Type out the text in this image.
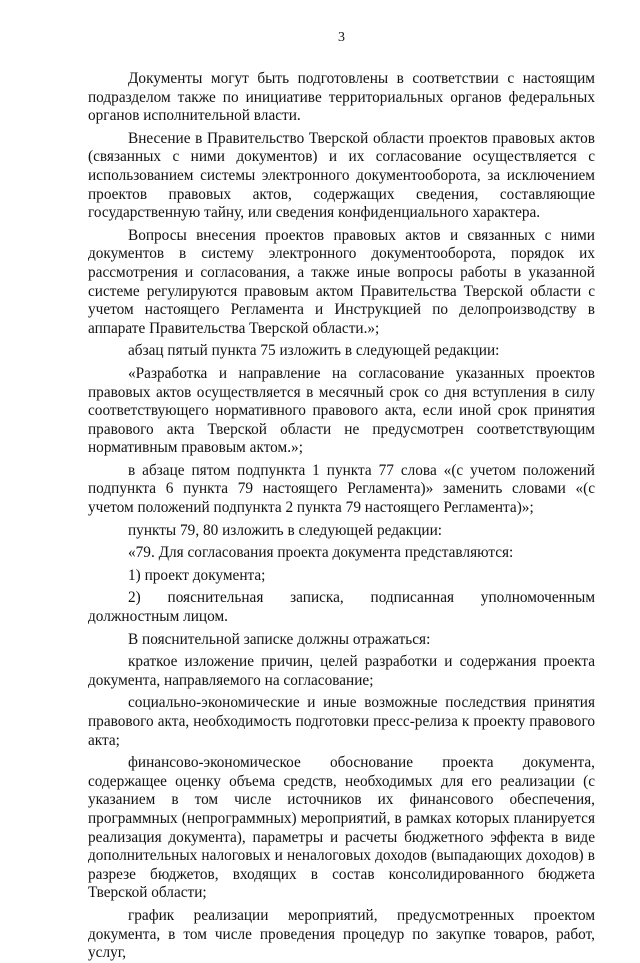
3

Документы могут быть подготовлены в соответствии с настоящим подразделом также по инициативе территориальных органов федеральных органов исполнительной власти.

Внесение в Правительство Тверской области проектов правовых актов (связанных с ними документов) и их согласование осуществляется с использованием системы электронного документооборота, за исключением проектов правовых актов, содержащих сведения, составляющие государственную тайну, или сведения конфиденциального характера.

Вопросы внесения проектов правовых актов и связанных с ними документов в систему электронного документооборота, порядок их рассмотрения и согласования, а также иные вопросы работы в указанной системе регулируются правовым актом Правительства Тверской области с учетом настоящего Регламента и Инструкцией по делопроизводству в аппарате Правительства Тверской области.»;

абзац пятый пункта 75 изложить в следующей редакции:

«Разработка и направление на согласование указанных проектов правовых актов осуществляется в месячный срок со дня вступления в силу соответствующего нормативного правового акта, если иной срок принятия правового акта Тверской области не предусмотрен соответствующим нормативным правовым актом.»;

в абзаце пятом подпункта 1 пункта 77 слова «(с учетом положений подпункта 6 пункта 79 настоящего Регламента)» заменить словами «(с учетом положений подпункта 2 пункта 79 настоящего Регламента)»;

пункты 79, 80 изложить в следующей редакции:

«79. Для согласования проекта документа представляются:

1) проект документа;

2) пояснительная записка, подписанная уполномоченным должностным лицом.

В пояснительной записке должны отражаться:

краткое изложение причин, целей разработки и содержания проекта документа, направляемого на согласование;

социально-экономические и иные возможные последствия принятия правового акта, необходимость подготовки пресс-релиза к проекту правового акта;

финансово-экономическое обоснование проекта документа, содержащее оценку объема средств, необходимых для его реализации (с указанием в том числе источников их финансового обеспечения, программных (непрограммных) мероприятий, в рамках которых планируется реализация документа), параметры и расчеты бюджетного эффекта в виде дополнительных налоговых и неналоговых доходов (выпадающих доходов) в разрезе бюджетов, входящих в состав консолидированного бюджета Тверской области;

график реализации мероприятий, предусмотренных проектом документа, в том числе проведения процедур по закупке товаров, работ, услуг,
